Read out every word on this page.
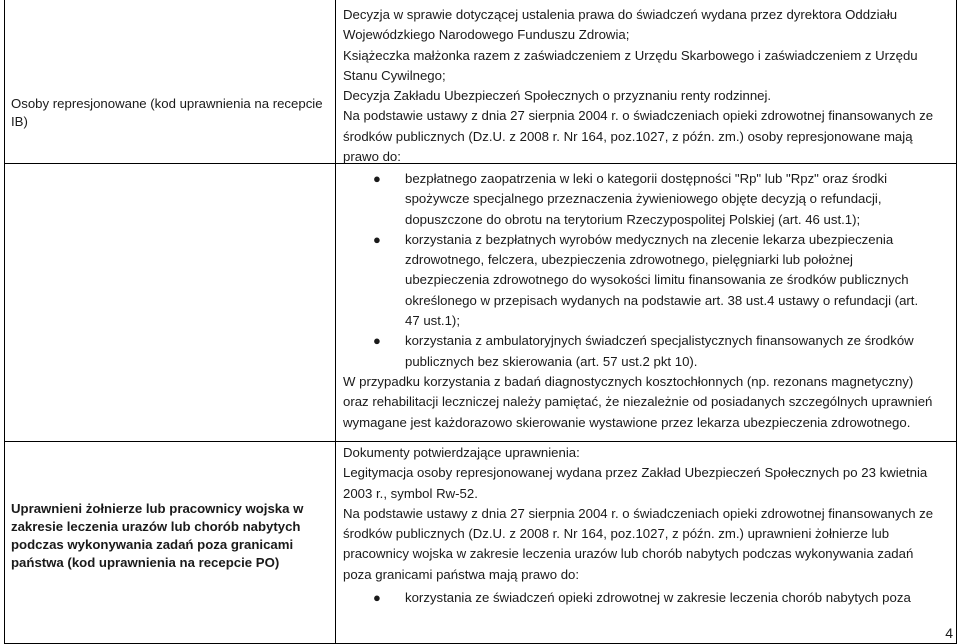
Osoby represjonowane (kod uprawnienia na recepcie IB)

Decyzja w sprawie dotyczącej ustalenia prawa do świadczeń wydana przez dyrektora Oddziału

Wojewódzkiego Narodowego Funduszu Zdrowia;

Książeczka małżonka razem z zaświadczeniem z Urzędu Skarbowego i zaświadczeniem z Urzędu

Stanu Cywilnego;

Decyzja Zakładu Ubezpieczeń Społecznych o przyznaniu renty rodzinnej.

Na podstawie ustawy z dnia 27 sierpnia 2004 r. o świadczeniach opieki zdrowotnej finansowanych ze

środków publicznych (Dz.U. z 2008 r. Nr 164, poz.1027, z późn. zm.) osoby represjonowane mają

prawo do:

● bezpłatnego zaopatrzenia w leki o kategorii dostępności "Rp" lub "Rpz" oraz środki
spożywcze specjalnego przeznaczenia żywieniowego objęte decyzją o refundacji,
dopuszczone do obrotu na terytorium Rzeczypospolitej Polskiej (art. 46 ust.1);
● korzystania z bezpłatnych wyrobów medycznych na zlecenie lekarza ubezpieczenia
zdrowotnego, felczera, ubezpieczenia zdrowotnego, pielęgniarki lub położnej
ubezpieczenia zdrowotnego do wysokości limitu finansowania ze środków publicznych
określonego w przepisach wydanych na podstawie art. 38 ust.4 ustawy o refundacji (art.
47 ust.1);
● korzystania z ambulatoryjnych świadczeń specjalistycznych finansowanych ze środków
publicznych bez skierowania (art. 57 ust.2 pkt 10).

W przypadku korzystania z badań diagnostycznych kosztochłonnych (np. rezonans magnetyczny)

oraz rehabilitacji leczniczej należy pamiętać, że niezależnie od posiadanych szczególnych uprawnień

wymagane jest każdorazowo skierowanie wystawione przez lekarza ubezpieczenia zdrowotnego.

Uprawnieni żołnierze lub pracownicy wojska w zakresie leczenia urazów lub chorób nabytych podczas wykonywania zadań poza granicami państwa (kod uprawnienia na recepcie PO)

Dokumenty potwierdzające uprawnienia:

Legitymacja osoby represjonowanej wydana przez Zakład Ubezpieczeń Społecznych po 23 kwietnia

2003 r., symbol Rw-52.

Na podstawie ustawy z dnia 27 sierpnia 2004 r. o świadczeniach opieki zdrowotnej finansowanych ze

środków publicznych (Dz.U. z 2008 r. Nr 164, poz.1027, z późn. zm.) uprawnieni żołnierze lub

pracownicy wojska w zakresie leczenia urazów lub chorób nabytych podczas wykonywania zadań

poza granicami państwa mają prawo do:

● korzystania ze świadczeń opieki zdrowotnej w zakresie leczenia chorób nabytych poza
4
